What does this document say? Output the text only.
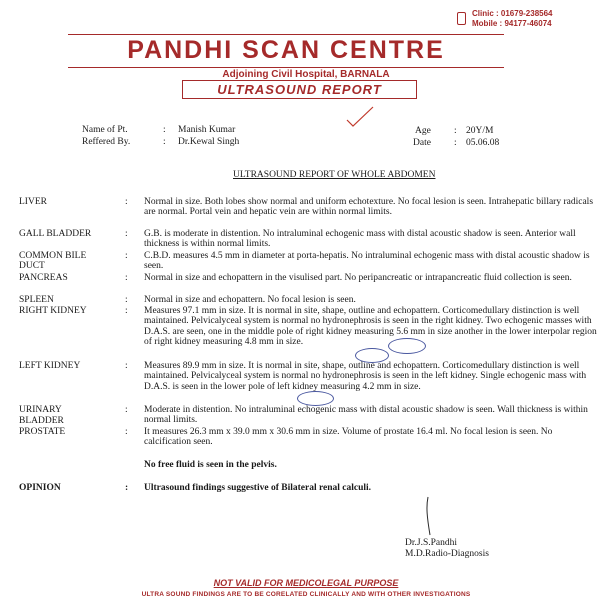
Clinic : 01679-238564
Mobile : 94177-46074
PANDHI SCAN CENTRE
Adjoining Civil Hospital, BARNALA
ULTRASOUND REPORT
Name of Pt.	: Manish Kumar
Reffered By.	: Dr.Kewal Singh
Age : 20Y/M
Date : 05.06.08
ULTRASOUND REPORT OF WHOLE ABDOMEN
LIVER	: Normal in size. Both lobes show normal and uniform echotexture. No focal lesion is seen. Intrahepatic billary radicals are normal. Portal vein and hepatic vein are within normal limits.
GALL BLADDER	: G.B. is moderate in distention. No intraluminal echogenic mass with distal acoustic shadow is seen. Anterior wall thickness is within normal limits.
COMMON BILE
DUCT
: C.B.D. measures 4.5 mm in diameter at porta-hepatis. No intraluminal echogenic mass with distal acoustic shadow is seen.
PANCREAS	: Normal in size and echopattern in the visulised part. No peripancreatic or intrapancreatic fluid collection is seen.
SPLEEN	: Normal in size and echopattern. No focal lesion is seen.
RIGHT KIDNEY	: Measures 97.1 mm in size. It is normal in site, shape, outline and echopattern. Corticomedullary distinction is well maintained. Pelvicalyceal system is normal no hydronephrosis is seen in the right kidney. Two echogenic masses with D.A.S. are seen, one in the middle pole of right kidney measuring 5.6 mm in size another in the lower interpolar region of right kidney measuring 4.8 mm in size.
LEFT KIDNEY	: Measures 89.9 mm in size. It is normal in site, shape, outline and echopattern. Corticomedullary distinction is well maintained. Pelvicalyceal system is normal no hydronephrosis is seen in the left kidney. Single echogenic mass with D.A.S. is seen in the lower pole of left kidney measuring 4.2 mm in size.
URINARY
BLADDER
: Moderate in distention. No intraluminal echogenic mass with distal acoustic shadow is seen. Wall thickness is within normal limits.
PROSTATE	: It measures 26.3 mm x 39.0 mm x 30.6 mm in size. Volume of prostate 16.4 ml. No focal lesion is seen. No calcification seen.
No free fluid is seen in the pelvis.
OPINION	: Ultrasound findings suggestive of Bilateral renal calculi.
Dr.J.S.Pandhi
M.D.Radio-Diagnosis
NOT VALID FOR MEDICOLEGAL PURPOSE
ULTRA SOUND FINDINGS ARE TO BE CORELATED CLINICALLY AND WITH OTHER INVESTIGATIONS
